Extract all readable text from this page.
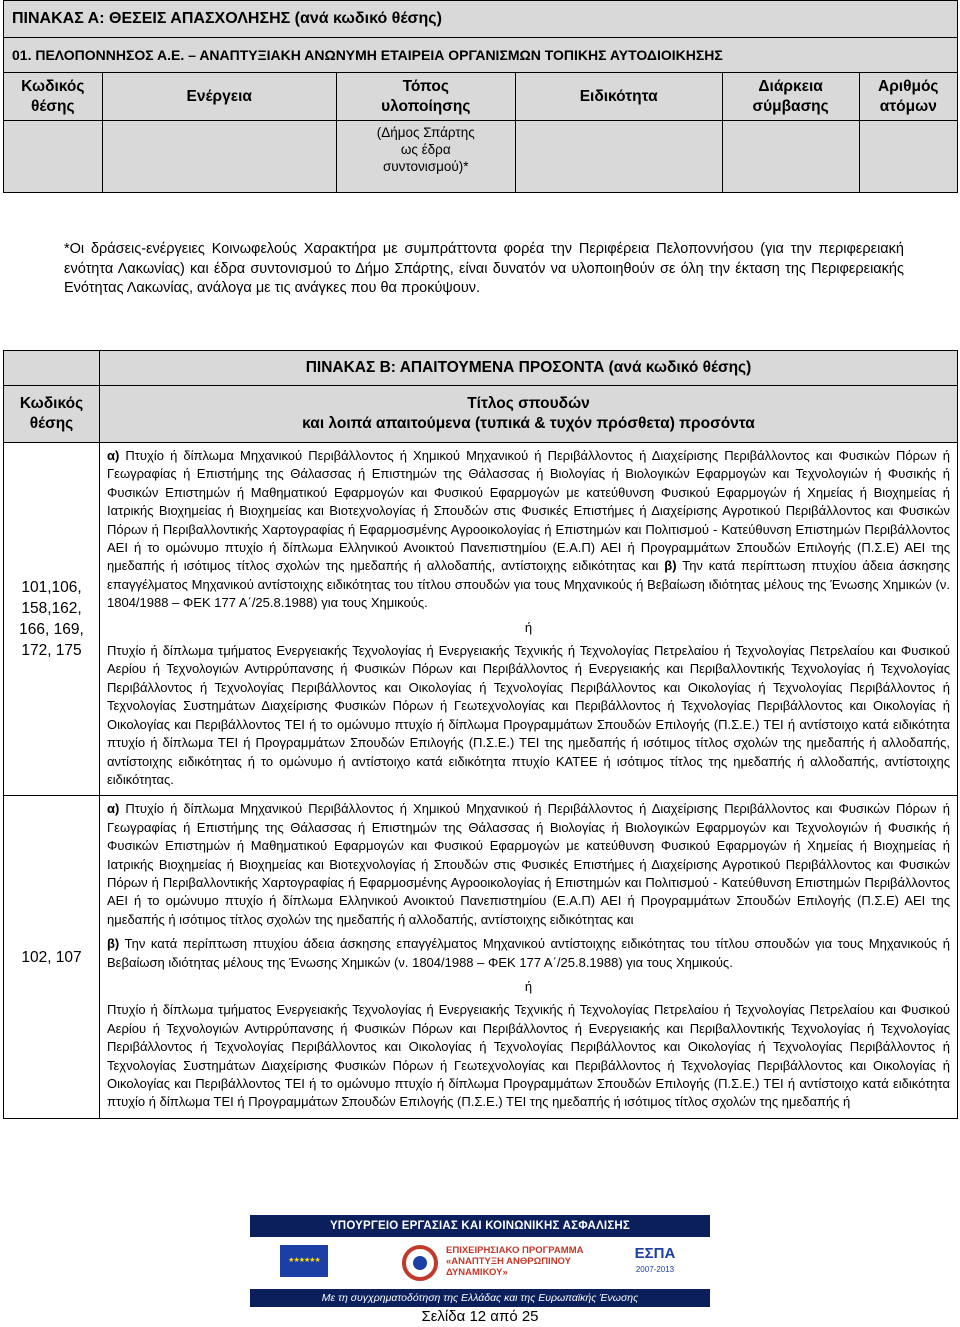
ΠΙΝΑΚΑΣ Α: ΘΕΣΕΙΣ ΑΠΑΣΧΟΛΗΣΗΣ (ανά κωδικό θέσης)					
01. ΠΕΛΟΠΟΝΝΗΣΟΣ Α.Ε. – ΑΝΑΠΤΥΞΙΑΚΗ ΑΝΩΝΥΜΗ ΕΤΑΙΡΕΙΑ ΟΡΓΑΝΙΣΜΩΝ ΤΟΠΙΚΗΣ ΑΥΤΟΔΙΟΙΚΗΣΗΣ					
Κωδικός θέσης	Ενέργεια	Τόπος υλοποίησης	Ειδικότητα	Διάρκεια σύμβασης	Αριθμός ατόμων
		(Δήμος Σπάρτης ως έδρα συντονισμού)*			
*Οι δράσεις-ενέργειες Κοινωφελούς Χαρακτήρα με συμπράττοντα φορέα την Περιφέρεια Πελοποννήσου (για την περιφερειακή ενότητα Λακωνίας) και έδρα συντονισμού το Δήμο Σπάρτης, είναι δυνατόν να υλοποιηθούν σε όλη την έκταση της Περιφερειακής Ενότητας Λακωνίας, ανάλογα με τις ανάγκες που θα προκύψουν.
	ΠΙΝΑΚΑΣ Β: ΑΠΑΙΤΟΥΜΕΝΑ ΠΡΟΣΟΝΤΑ (ανά κωδικό θέσης)
Κωδικός θέσης	Τίτλος σπουδών
και λοιπά απαιτούμενα (τυπικά & τυχόν πρόσθετα) προσόντα

101,106, 158,162, 166, 169, 172, 175	α) Πτυχίο ή δίπλωμα Μηχανικού Περιβάλλοντος ή Χημικού Μηχανικού ή Περιβάλλοντος ή Διαχείρισης Περιβάλλοντος και Φυσικών Πόρων ή Γεωγραφίας ή Επιστήμης της Θάλασσας ή Επιστημών της Θάλασσας ή Βιολογίας ή Βιολογικών Εφαρμογών και Τεχνολογιών ή Φυσικής ή Φυσικών Επιστημών ή Μαθηματικού Εφαρμογών και Φυσικού Εφαρμογών με κατεύθυνση Φυσικού Εφαρμογών ή Χημείας ή Βιοχημείας ή Ιατρικής Βιοχημείας ή Βιοχημείας και Βιοτεχνολογίας ή Σπουδών στις Φυσικές Επιστήμες ή Διαχείρισης Αγροτικού Περιβάλλοντος και Φυσικών Πόρων ή Περιβαλλοντικής Χαρτογραφίας ή Εφαρμοσμένης Αγροοικολογίας ή Επιστημών και Πολιτισμού - Κατεύθυνση Επιστημών Περιβάλλοντος ΑΕΙ ή το ομώνυμο πτυχίο ή δίπλωμα Ελληνικού Ανοικτού Πανεπιστημίου (Ε.Α.Π) ΑΕΙ ή Προγραμμάτων Σπουδών Επιλογής (Π.Σ.Ε) ΑΕΙ της ημεδαπής ή ισότιμος τίτλος σχολών της ημεδαπής ή αλλοδαπής, αντίστοιχης ειδικότητας και β) Την κατά περίπτωση πτυχίου άδεια άσκησης επαγγέλματος Μηχανικού αντίστοιχης ειδικότητας του τίτλου σπουδών για τους Μηχανικούς ή Βεβαίωση ιδιότητας μέλους της Ένωσης Χημικών (ν. 1804/1988 – ΦΕΚ 177 Α΄/25.8.1988) για τους Χημικούς.

ή

Πτυχίο ή δίπλωμα τμήματος Ενεργειακής Τεχνολογίας ή Ενεργειακής Τεχνικής ή Τεχνολογίας Πετρελαίου ή Τεχνολογίας Πετρελαίου και Φυσικού Αερίου ή Τεχνολογιών Αντιρρύπανσης ή Φυσικών Πόρων και Περιβάλλοντος ή Ενεργειακής και Περιβαλλοντικής Τεχνολογίας ή Τεχνολογίας Περιβάλλοντος ή Τεχνολογίας Περιβάλλοντος και Οικολογίας ή Τεχνολογίας Περιβάλλοντος και Οικολογίας ή Τεχνολογίας Περιβάλλοντος ή Τεχνολογίας Συστημάτων Διαχείρισης Φυσικών Πόρων ή Γεωτεχνολογίας και Περιβάλλοντος ή Τεχνολογίας Περιβάλλοντος και Οικολογίας ή Οικολογίας και Περιβάλλοντος ΤΕΙ ή το ομώνυμο πτυχίο ή δίπλωμα Προγραμμάτων Σπουδών Επιλογής (Π.Σ.Ε.) ΤΕΙ ή αντίστοιχο κατά ειδικότητα πτυχίο ή δίπλωμα ΤΕΙ ή Προγραμμάτων Σπουδών Επιλογής (Π.Σ.Ε.) ΤΕΙ της ημεδαπής ή ισότιμος τίτλος σχολών της ημεδαπής ή αλλοδαπής, αντίστοιχης ειδικότητας ή το ομώνυμο ή αντίστοιχο κατά ειδικότητα πτυχίο ΚΑΤΕΕ ή ισότιμος τίτλος της ημεδαπής ή αλλοδαπής, αντίστοιχης ειδικότητας.

102, 107	α) Πτυχίο ή δίπλωμα Μηχανικού Περιβάλλοντος ή Χημικού Μηχανικού ή Περιβάλλοντος ή Διαχείρισης Περιβάλλοντος και Φυσικών Πόρων ή Γεωγραφίας ή Επιστήμης της Θάλασσας ή Επιστημών της Θάλασσας ή Βιολογίας ή Βιολογικών Εφαρμογών και Τεχνολογιών ή Φυσικής ή Φυσικών Επιστημών ή Μαθηματικού Εφαρμογών και Φυσικού Εφαρμογών με κατεύθυνση Φυσικού Εφαρμογών ή Χημείας ή Βιοχημείας ή Ιατρικής Βιοχημείας ή Βιοχημείας και Βιοτεχνολογίας ή Σπουδών στις Φυσικές Επιστήμες ή Διαχείρισης Αγροτικού Περιβάλλοντος και Φυσικών Πόρων ή Περιβαλλοντικής Χαρτογραφίας ή Εφαρμοσμένης Αγροοικολογίας ή Επιστημών και Πολιτισμού - Κατεύθυνση Επιστημών Περιβάλλοντος ΑΕΙ ή το ομώνυμο πτυχίο ή δίπλωμα Ελληνικού Ανοικτού Πανεπιστημίου (Ε.Α.Π) ΑΕΙ ή Προγραμμάτων Σπουδών Επιλογής (Π.Σ.Ε) ΑΕΙ της ημεδαπής ή ισότιμος τίτλος σχολών της ημεδαπής ή αλλοδαπής, αντίστοιχης ειδικότητας και

β) Την κατά περίπτωση πτυχίου άδεια άσκησης επαγγέλματος Μηχανικού αντίστοιχης ειδικότητας του τίτλου σπουδών για τους Μηχανικούς ή Βεβαίωση ιδιότητας μέλους της Ένωσης Χημικών (ν. 1804/1988 – ΦΕΚ 177 Α΄/25.8.1988) για τους Χημικούς.

ή

Πτυχίο ή δίπλωμα τμήματος Ενεργειακής Τεχνολογίας ή Ενεργειακής Τεχνικής ή Τεχνολογίας Πετρελαίου ή Τεχνολογίας Πετρελαίου και Φυσικού Αερίου ή Τεχνολογιών Αντιρρύπανσης ή Φυσικών Πόρων και Περιβάλλοντος ή Ενεργειακής και Περιβαλλοντικής Τεχνολογίας ή Τεχνολογίας Περιβάλλοντος ή Τεχνολογίας Περιβάλλοντος και Οικολογίας ή Τεχνολογίας Περιβάλλοντος και Οικολογίας ή Τεχνολογίας Περιβάλλοντος ή Τεχνολογίας Συστημάτων Διαχείρισης Φυσικών Πόρων ή Γεωτεχνολογίας και Περιβάλλοντος ή Τεχνολογίας Περιβάλλοντος και Οικολογίας ή Οικολογίας και Περιβάλλοντος ΤΕΙ ή το ομώνυμο πτυχίο ή δίπλωμα Προγραμμάτων Σπουδών Επιλογής (Π.Σ.Ε.) ΤΕΙ ή αντίστοιχο κατά ειδικότητα πτυχίο ή δίπλωμα ΤΕΙ ή Προγραμμάτων Σπουδών Επιλογής (Π.Σ.Ε.) ΤΕΙ της ημεδαπής ή ισότιμος τίτλος σχολών της ημεδαπής ή

ΥΠΟΥΡΓΕΙΟ ΕΡΓΑΣΙΑΣ ΚΑΙ ΚΟΙΝΩΝΙΚΗΣ ΑΣΦΑΛΙΣΗΣ
★★★★★★
ΕΠΙΧΕΙΡΗΣΙΑΚΟ ΠΡΟΓΡΑΜΜΑ «ΑΝΑΠΤΥΞΗ ΑΝΘΡΩΠΙΝΟΥ ΔΥΝΑΜΙΚΟΥ»
ΕΣΠΑ
2007-2013
Με τη συγχρηματοδότηση της Ελλάδας και της Ευρωπαϊκής Ένωσης
Σελίδα 12 από 25
